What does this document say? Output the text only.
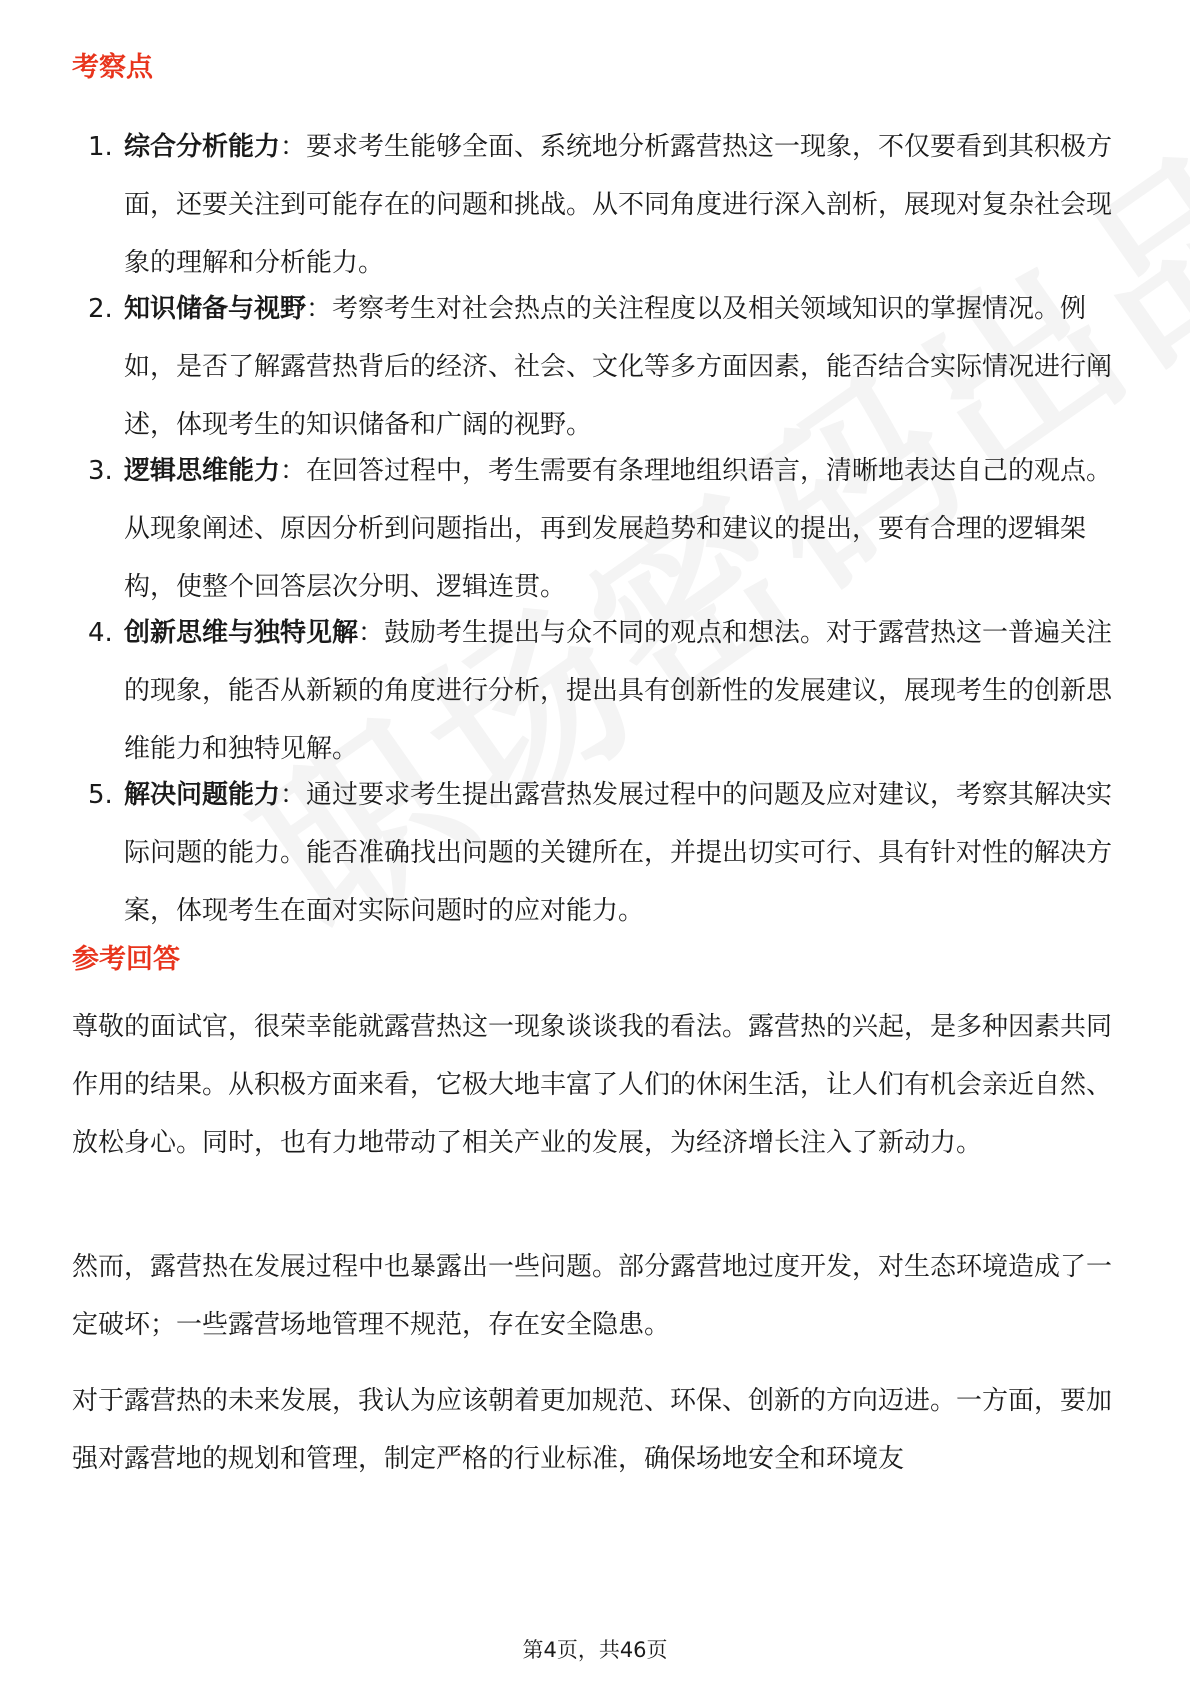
考察点
1. 综合分析能力：要求考生能够全面、系统地分析露营热这一现象，不仅要看到其积极方面，还要关注到可能存在的问题和挑战。从不同角度进行深入剖析，展现对复杂社会现象的理解和分析能力。
2. 知识储备与视野：考察考生对社会热点的关注程度以及相关领域知识的掌握情况。例如，是否了解露营热背后的经济、社会、文化等多方面因素，能否结合实际情况进行阐述，体现考生的知识储备和广阔的视野。
3. 逻辑思维能力：在回答过程中，考生需要有条理地组织语言，清晰地表达自己的观点。从现象阐述、原因分析到问题指出，再到发展趋势和建议的提出，要有合理的逻辑架构，使整个回答层次分明、逻辑连贯。
4. 创新思维与独特见解：鼓励考生提出与众不同的观点和想法。对于露营热这一普遍关注的现象，能否从新颖的角度进行分析，提出具有创新性的发展建议，展现考生的创新思维能力和独特见解。
5. 解决问题能力：通过要求考生提出露营热发展过程中的问题及应对建议，考察其解决实际问题的能力。能否准确找出问题的关键所在，并提出切实可行、具有针对性的解决方案，体现考生在面对实际问题时的应对能力。
参考回答

尊敬的面试官，很荣幸能就露营热这一现象谈谈我的看法。露营热的兴起，是多种因素共同作用的结果。从积极方面来看，它极大地丰富了人们的休闲生活，让人们有机会亲近自然、放松身心。同时，也有力地带动了相关产业的发展，为经济增长注入了新动力。

然而，露营热在发展过程中也暴露出一些问题。部分露营地过度开发，对生态环境造成了一定破坏；一些露营场地管理不规范，存在安全隐患。

对于露营热的未来发展，我认为应该朝着更加规范、环保、创新的方向迈进。一方面，要加强对露营地的规划和管理，制定严格的行业标准，确保场地安全和环境友

第4页，共46页
